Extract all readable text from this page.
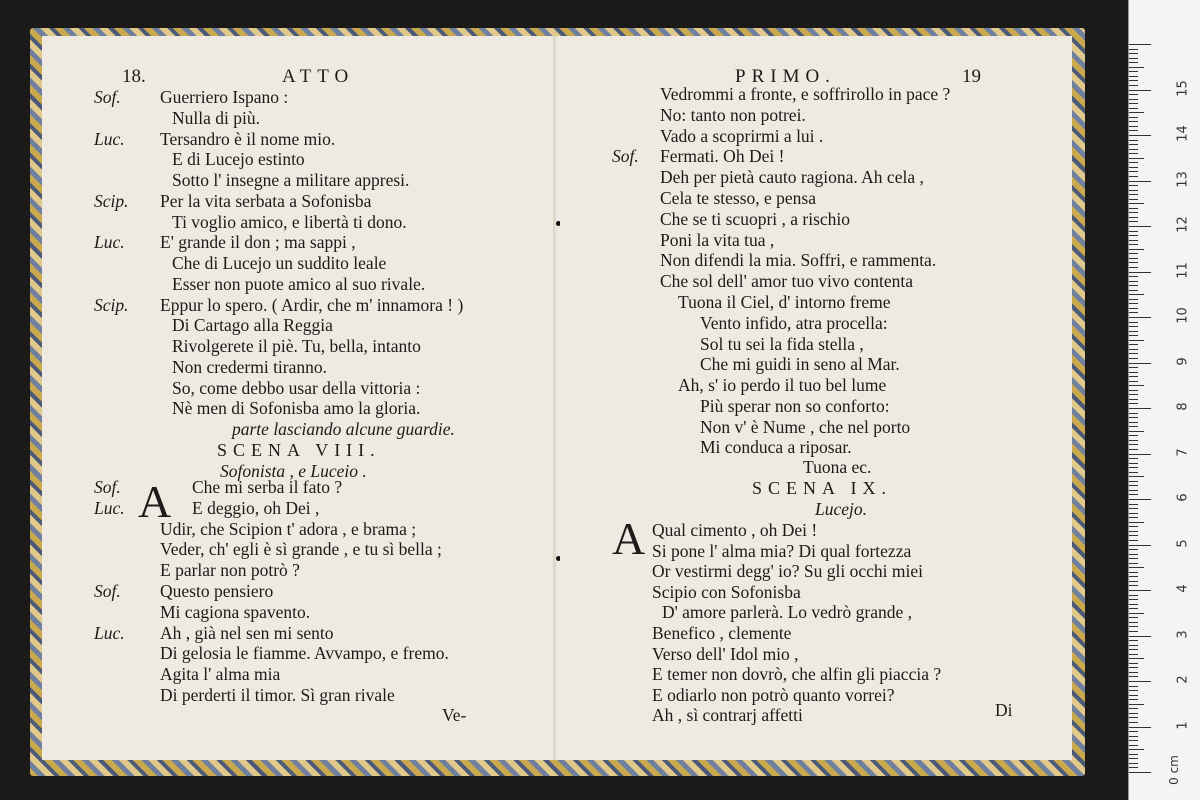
18.	ATTO
Sof. Guerriero Ispano :
Nulla di più.
Luc. Tersandro è il nome mio.
E di Lucejo estinto
Sotto l' insegne a militare appresi.
Scip. Per la vita serbata a Sofonisba
Ti voglio amico, e libertà ti dono.
Luc. E' grande il don ; ma sappi ,
Che di Lucejo un suddito leale
Esser non puote amico al suo rivale.
Scip. Eppur lo spero. ( Ardir, che m' innamora ! )
Di Cartago alla Reggia
Rivolgerete il piè. Tu, bella, intanto
Non credermi tiranno.
So, come debbo usar della vittoria :
Nè men di Sofonisba amo la gloria.
parte lasciando alcune guardie.
SCENA VIII.
Sofonista , e Luceio .
A
Sof.	Che mi serba il fato ?
Luc.	E deggio, oh Dei ,
Udir, che Scipion t' adora , e brama ;
Veder, ch' egli è sì grande , e tu sì bella ;
E parlar non potrò ?
Sof. Questo pensiero
Mi cagiona spavento.
Luc. Ah , già nel sen mi sento
Di gelosia le fiamme. Avvampo, e fremo.
Agita l' alma mia
Di perderti il timor. Sì gran rivale
Ve-
PRIMO.	19
Vedrommi a fronte, e soffrirollo in pace ?
No: tanto non potrei.
Vado a scoprirmi a lui .
Sof. Fermati. Oh Dei !
Deh per pietà cauto ragiona. Ah cela ,
Cela te stesso, e pensa
Che se ti scuopri , a rischio
Poni la vita tua ,
Non difendi la mia. Soffri, e rammenta.
Che sol dell' amor tuo vivo contenta
Tuona il Ciel, d' intorno freme
Vento infido, atra procella:
Sol tu sei la fida stella ,
Che mi guidi in seno al Mar.
Ah, s' io perdo il tuo bel lume
Più sperar non so conforto:
Non v' è Nume , che nel porto
Mi conduca a riposar.
Tuona ec.
SCENA IX.
Lucejo.
A Qual cimento , oh Dei !
Si pone l' alma mia? Di qual fortezza
Or vestirmi degg' io? Su gli occhi miei
Scipio con Sofonisba
D' amore parlerà. Lo vedrò grande ,
Benefico , clemente
Verso dell' Idol mio ,
E temer non dovrò, che alfin gli piaccia ?
E odiarlo non potrò quanto vorrei?
Ah , sì contrarj affetti	Di
0 cm
1
2
3
4
5
6
7
8
9
10
11
12
13
14
15
